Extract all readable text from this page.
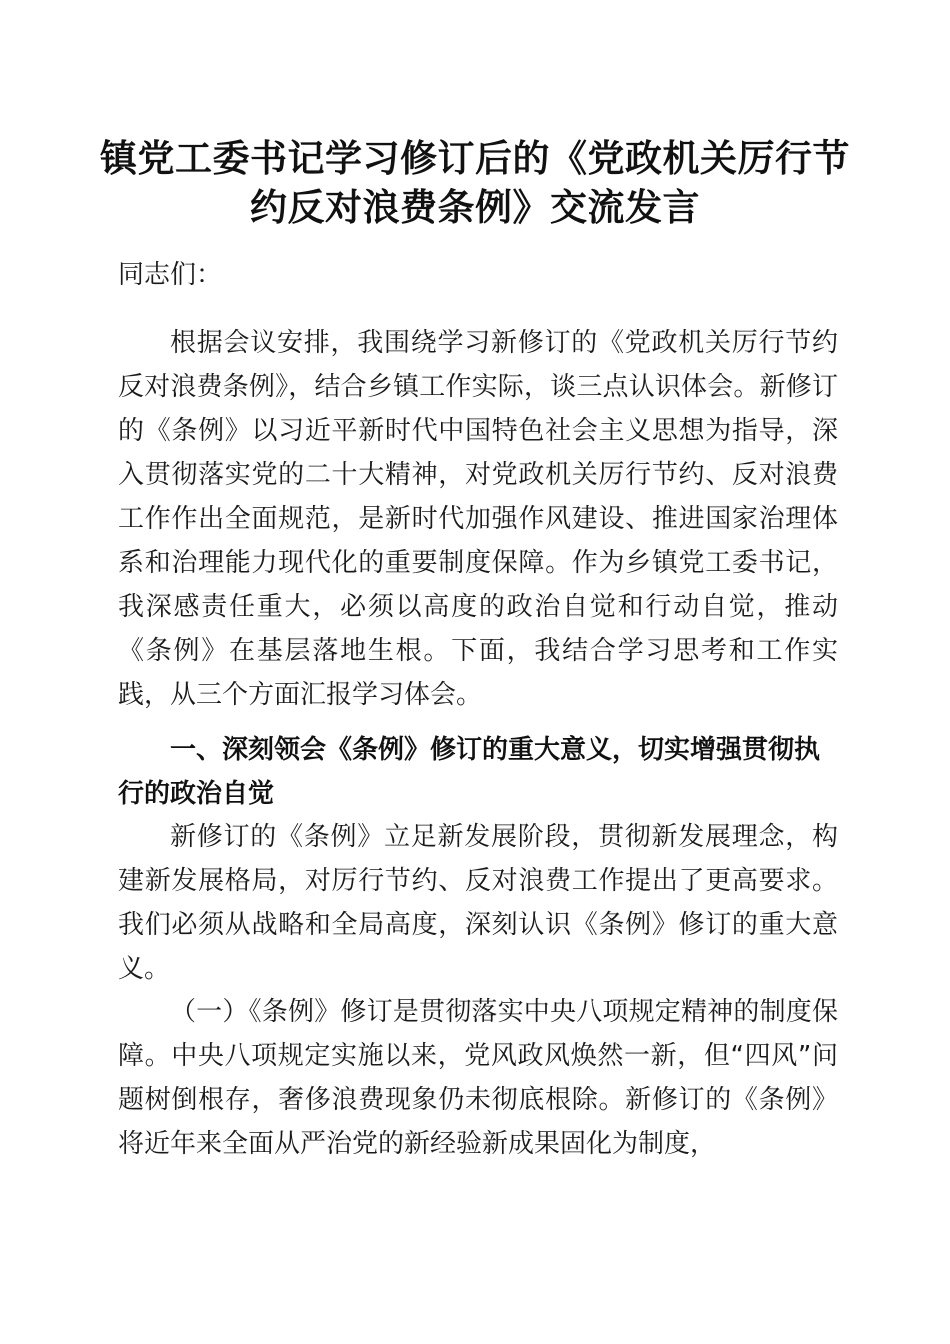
镇党工委书记学习修订后的《党政机关厉行节
约反对浪费条例》交流发言
同志们：

根据会议安排，我围绕学习新修订的《党政机关厉行节约反对浪费条例》，结合乡镇工作实际，谈三点认识体会。新修订的《条例》以习近平新时代中国特色社会主义思想为指导，深入贯彻落实党的二十大精神，对党政机关厉行节约、反对浪费工作作出全面规范，是新时代加强作风建设、推进国家治理体系和治理能力现代化的重要制度保障。作为乡镇党工委书记，我深感责任重大，必须以高度的政治自觉和行动自觉，推动《条例》在基层落地生根。下面，我结合学习思考和工作实践，从三个方面汇报学习体会。

一、深刻领会《条例》修订的重大意义，切实增强贯彻执行的政治自觉

新修订的《条例》立足新发展阶段，贯彻新发展理念，构建新发展格局，对厉行节约、反对浪费工作提出了更高要求。我们必须从战略和全局高度，深刻认识《条例》修订的重大意义。

（一）《条例》修订是贯彻落实中央八项规定精神的制度保障。中央八项规定实施以来，党风政风焕然一新，但“四风”问题树倒根存，奢侈浪费现象仍未彻底根除。新修订的《条例》将近年来全面从严治党的新经验新成果固化为制度，
